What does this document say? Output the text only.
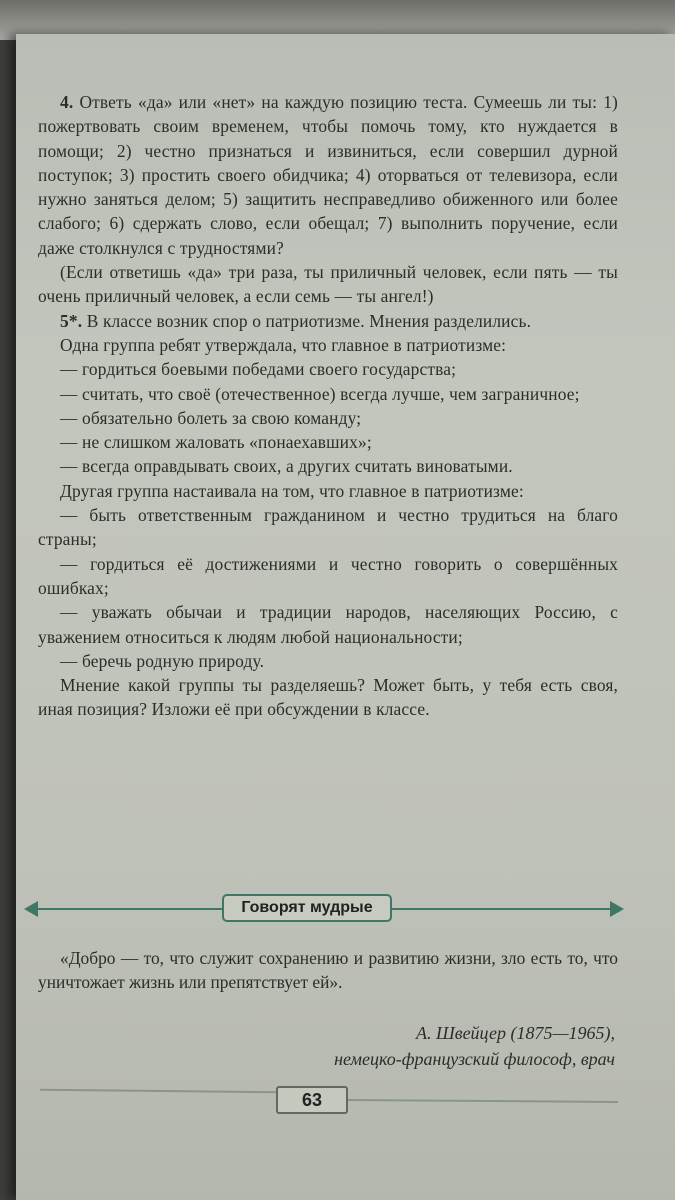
4. Ответь «да» или «нет» на каждую позицию теста. Сумеешь ли ты: 1) пожертвовать своим временем, чтобы помочь тому, кто нуждается в помощи; 2) честно признаться и извиниться, если совершил дурной поступок; 3) простить своего обидчика; 4) оторваться от телевизора, если нужно заняться делом; 5) защитить несправедливо обиженного или более слабого; 6) сдержать слово, если обещал; 7) выполнить поручение, если даже столкнулся с трудностями?

(Если ответишь «да» три раза, ты приличный человек, если пять — ты очень приличный человек, а если семь — ты ангел!)

5*. В классе возник спор о патриотизме. Мнения разделились.

Одна группа ребят утверждала, что главное в патриотизме:

— гордиться боевыми победами своего государства;

— считать, что своё (отечественное) всегда лучше, чем заграничное;

— обязательно болеть за свою команду;

— не слишком жаловать «понаехавших»;

— всегда оправдывать своих, а других считать виноватыми.

Другая группа настаивала на том, что главное в патриотизме:

— быть ответственным гражданином и честно трудиться на благо страны;

— гордиться её достижениями и честно говорить о совершённых ошибках;

— уважать обычаи и традиции народов, населяющих Россию, с уважением относиться к людям любой национальности;

— беречь родную природу.

Мнение какой группы ты разделяешь? Может быть, у тебя есть своя, иная позиция? Изложи её при обсуждении в классе.

Говорят мудрые

«Добро — то, что служит сохранению и развитию жизни, зло есть то, что уничтожает жизнь или препятствует ей».

А. Швейцер (1875—1965),
немецко-французский философ, врач
63
